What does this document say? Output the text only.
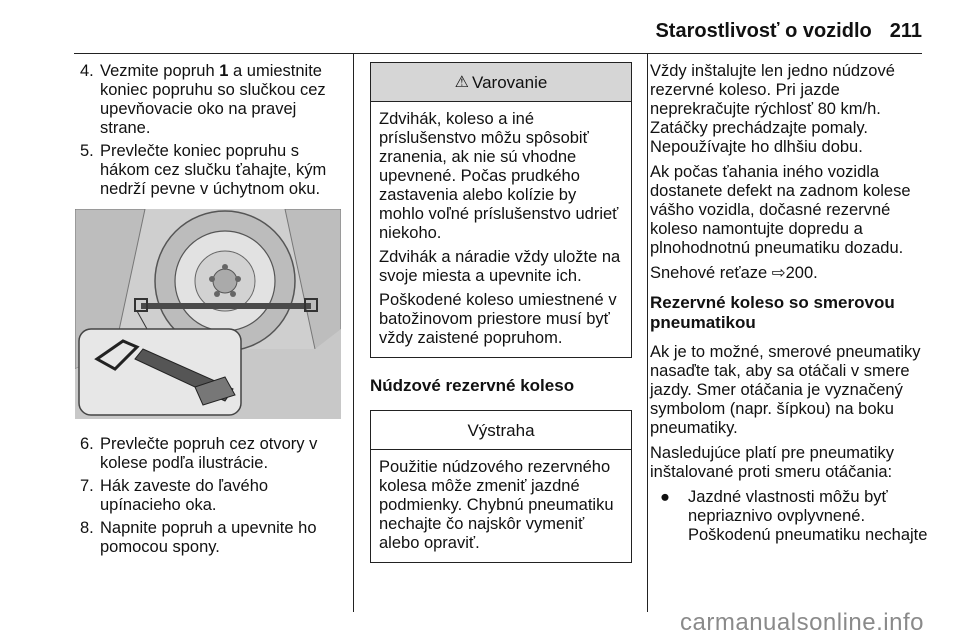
Starostlivosť o vozidlo 211
4. Vezmite popruh 1 a umiestnite koniec popruhu so slučkou cez upevňovacie oko na pravej strane.
5. Prevlečte koniec popruhu s hákom cez slučku ťahajte, kým nedrží pevne v úchytnom oku.
6. Prevlečte popruh cez otvory v kolese podľa ilustrácie.
7. Hák zaveste do ľavého upínacieho oka.
8. Napnite popruh a upevnite ho pomocou spony.
⚠ Varovanie

Zdvihák, koleso a iné príslušenstvo môžu spôsobiť zranenia, ak nie sú vhodne upevnené. Počas prudkého zastavenia alebo kolízie by mohlo voľné príslušenstvo udrieť niekoho.

Zdvihák a náradie vždy uložte na svoje miesta a upevnite ich.

Poškodené koleso umiestnené v batožinovom priestore musí byť vždy zaistené popruhom.

Núdzové rezervné koleso
Výstraha

Použitie núdzového rezervného kolesa môže zmeniť jazdné podmienky. Chybnú pneumatiku nechajte čo najskôr vymeniť alebo opraviť.

Vždy inštalujte len jedno núdzové rezervné koleso. Pri jazde neprekračujte rýchlosť 80 km/h. Zatáčky prechádzajte pomaly. Nepoužívajte ho dlhšiu dobu.

Ak počas ťahania iného vozidla dostanete defekt na zadnom kolese vášho vozidla, dočasné rezervné koleso namontujte dopredu a plnohodnotnú pneumatiku dozadu.

Snehové reťaze ⇨200.

Rezervné koleso so smerovou pneumatikou

Ak je to možné, smerové pneumatiky nasaďte tak, aby sa otáčali v smere jazdy. Smer otáčania je vyznačený symbolom (napr. šípkou) na boku pneumatiky.

Nasledujúce platí pre pneumatiky inštalované proti smeru otáčania:

●	Jazdné vlastnosti môžu byť nepriaznivo ovplyvnené. Poškodenú pneumatiku nechajte
carmanualsonline.info
